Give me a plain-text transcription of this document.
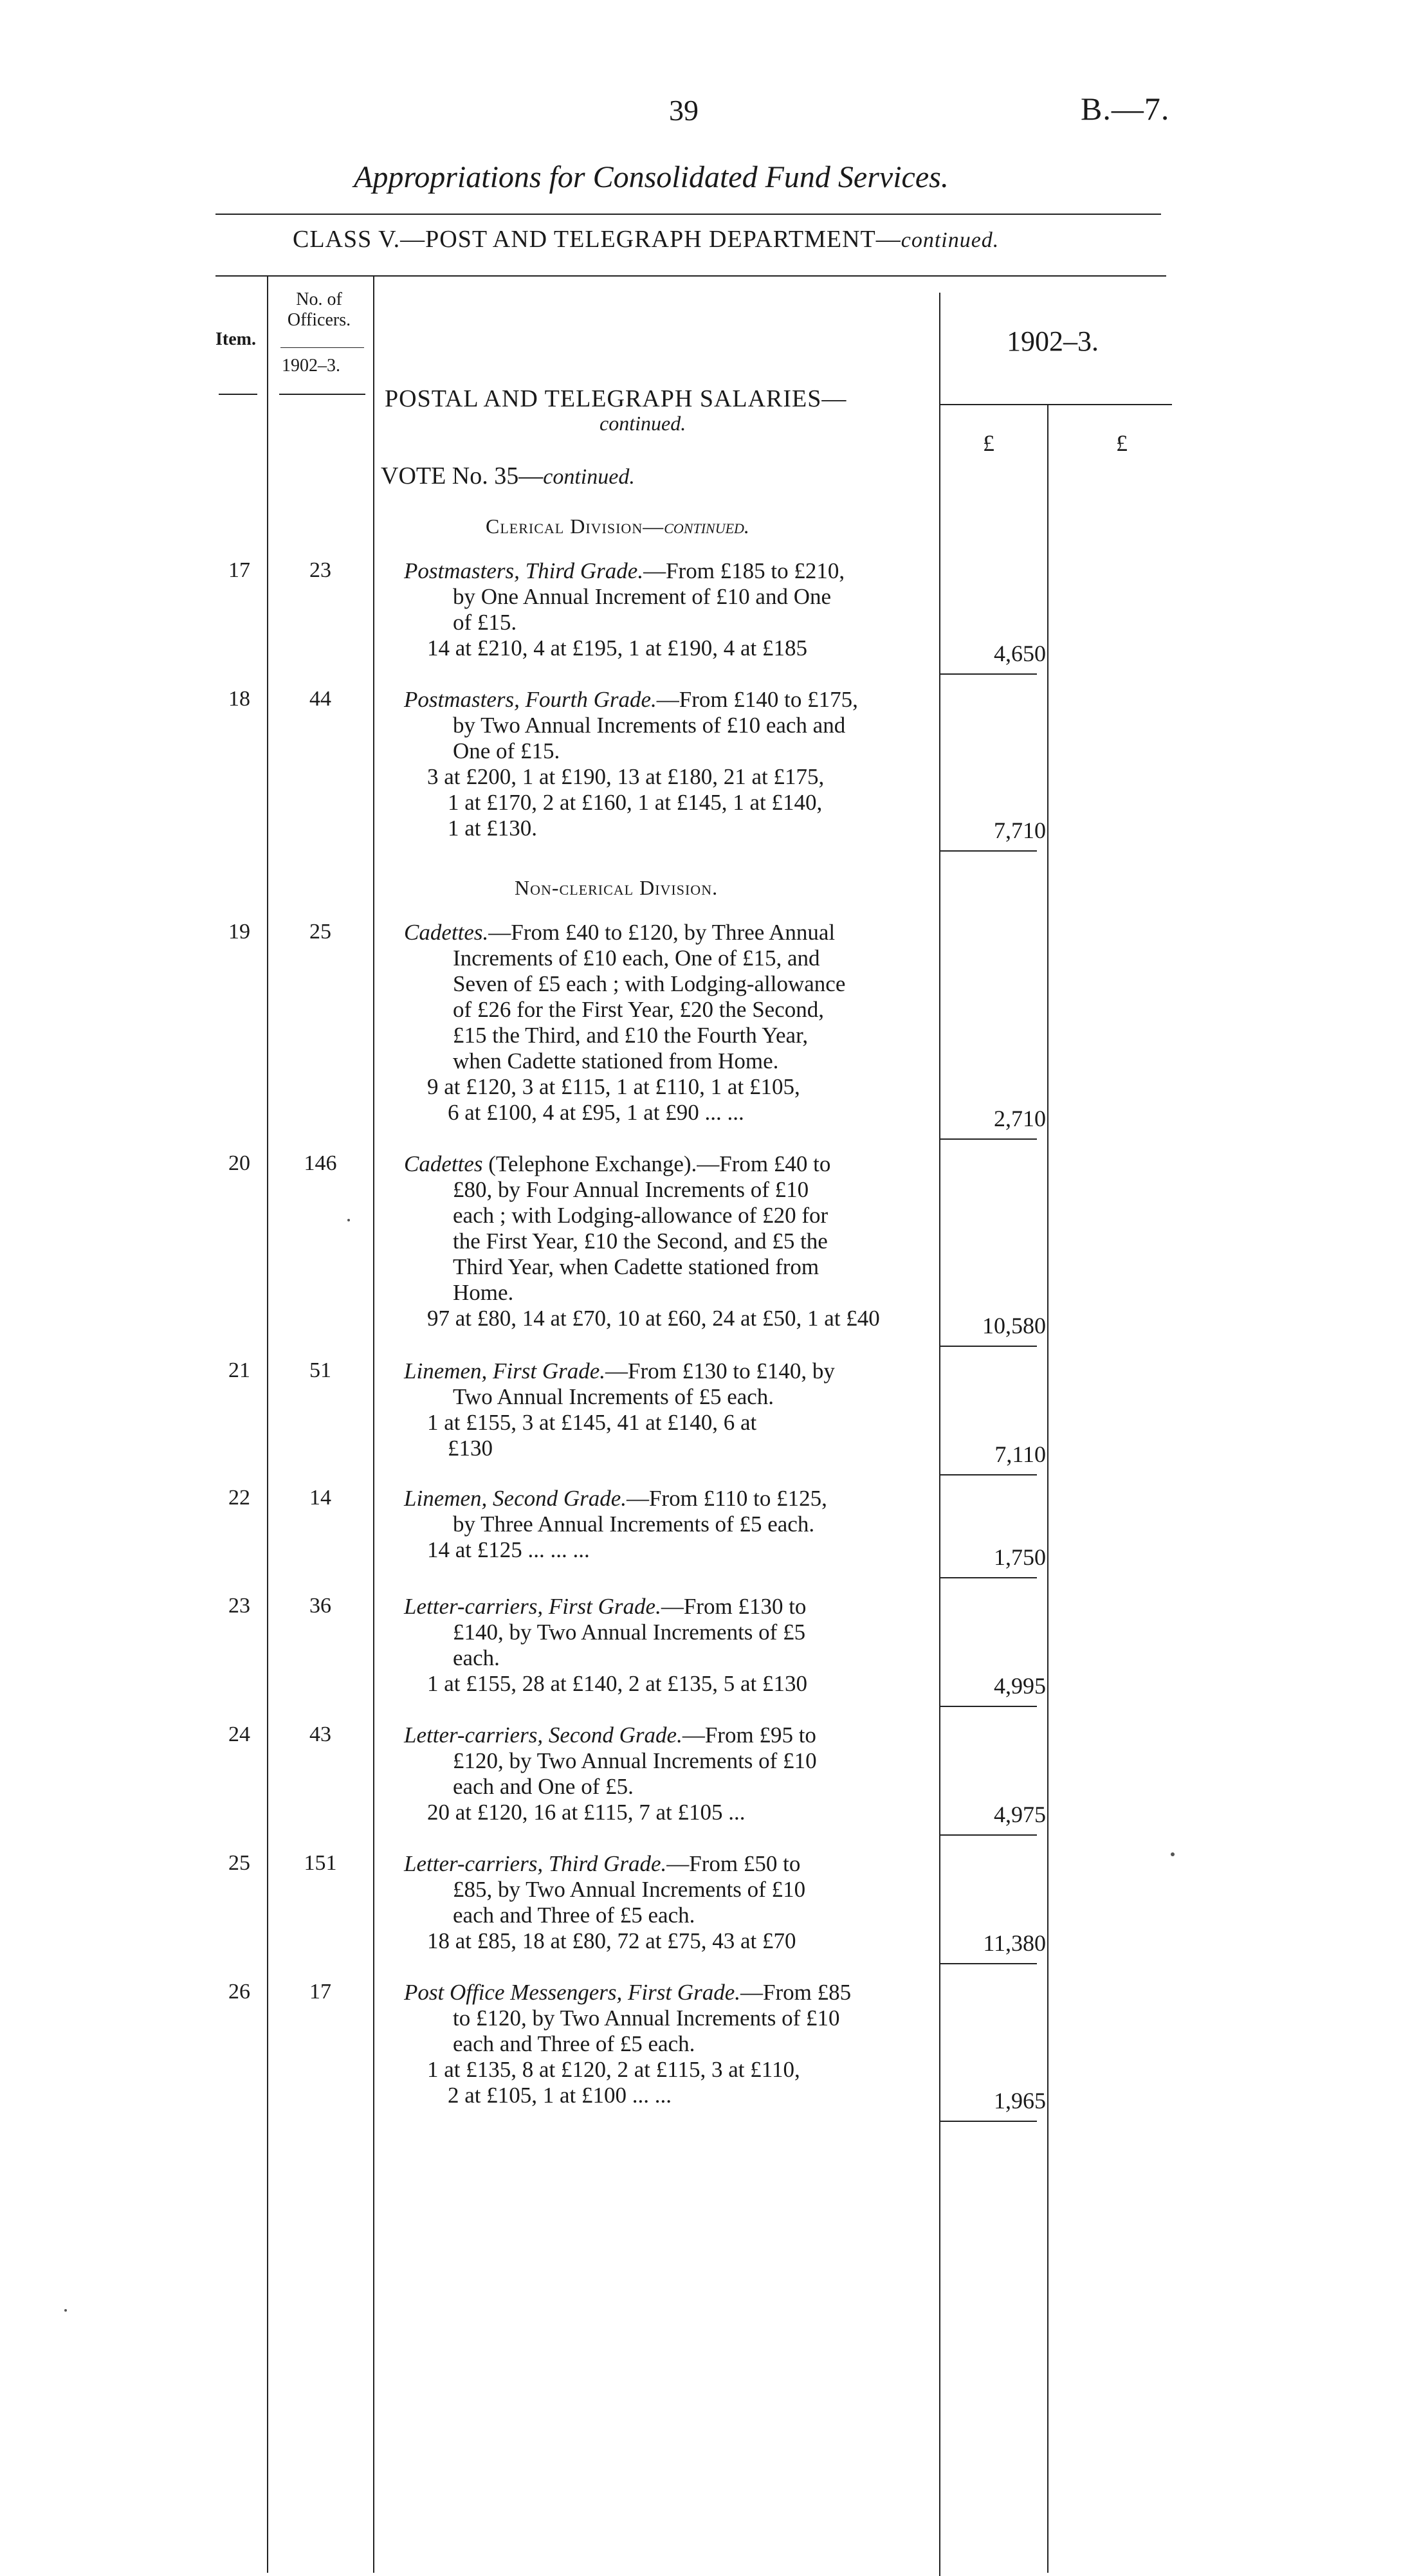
39	B.—7.
Appropriations for Consolidated Fund Services.
CLASS V.—POST AND TELEGRAPH DEPARTMENT—continued.
Item.
No. of Officers.
1902–3.
1902–3.
£	£
POSTAL AND TELEGRAPH SALARIES—
continued.
VOTE No. 35—continued.
Clerical Division—continued.
Non-clerical Division.
17	23	Postmasters, Third Grade.—From £185 to £210,
by One Annual Increment of £10 and One
of £15.
14 at £210, 4 at £195, 1 at £190, 4 at £185	4,650
18	44	Postmasters, Fourth Grade.—From £140 to £175,
by Two Annual Increments of £10 each and
One of £15.
3 at £200, 1 at £190, 13 at £180, 21 at £175,
1 at £170, 2 at £160, 1 at £145, 1 at £140,
1 at £130.	7,710
19	25	Cadettes.—From £40 to £120, by Three Annual
Increments of £10 each, One of £15, and
Seven of £5 each ; with Lodging-allowance
of £26 for the First Year, £20 the Second,
£15 the Third, and £10 the Fourth Year,
when Cadette stationed from Home.
9 at £120, 3 at £115, 1 at £110, 1 at £105,
6 at £100, 4 at £95, 1 at £90 ... ...	2,710
20	146	Cadettes (Telephone Exchange).—From £40 to
£80, by Four Annual Increments of £10
each ; with Lodging-allowance of £20 for
the First Year, £10 the Second, and £5 the
Third Year, when Cadette stationed from
Home.
97 at £80, 14 at £70, 10 at £60, 24 at £50, 1 at £40	10,580
21	51	Linemen, First Grade.—From £130 to £140, by
Two Annual Increments of £5 each.
1 at £155, 3 at £145, 41 at £140, 6 at
£130	7,110
22	14	Linemen, Second Grade.—From £110 to £125,
by Three Annual Increments of £5 each.
14 at £125 ... ... ...	1,750
23	36	Letter-carriers, First Grade.—From £130 to
£140, by Two Annual Increments of £5
each.
1 at £155, 28 at £140, 2 at £135, 5 at £130	4,995
24	43	Letter-carriers, Second Grade.—From £95 to
£120, by Two Annual Increments of £10
each and One of £5.
20 at £120, 16 at £115, 7 at £105 ...	4,975
25	151	Letter-carriers, Third Grade.—From £50 to
£85, by Two Annual Increments of £10
each and Three of £5 each.
18 at £85, 18 at £80, 72 at £75, 43 at £70	11,380
26	17	Post Office Messengers, First Grade.—From £85
to £120, by Two Annual Increments of £10
each and Three of £5 each.
1 at £135, 8 at £120, 2 at £115, 3 at £110,
2 at £105, 1 at £100 ... ...	1,965
